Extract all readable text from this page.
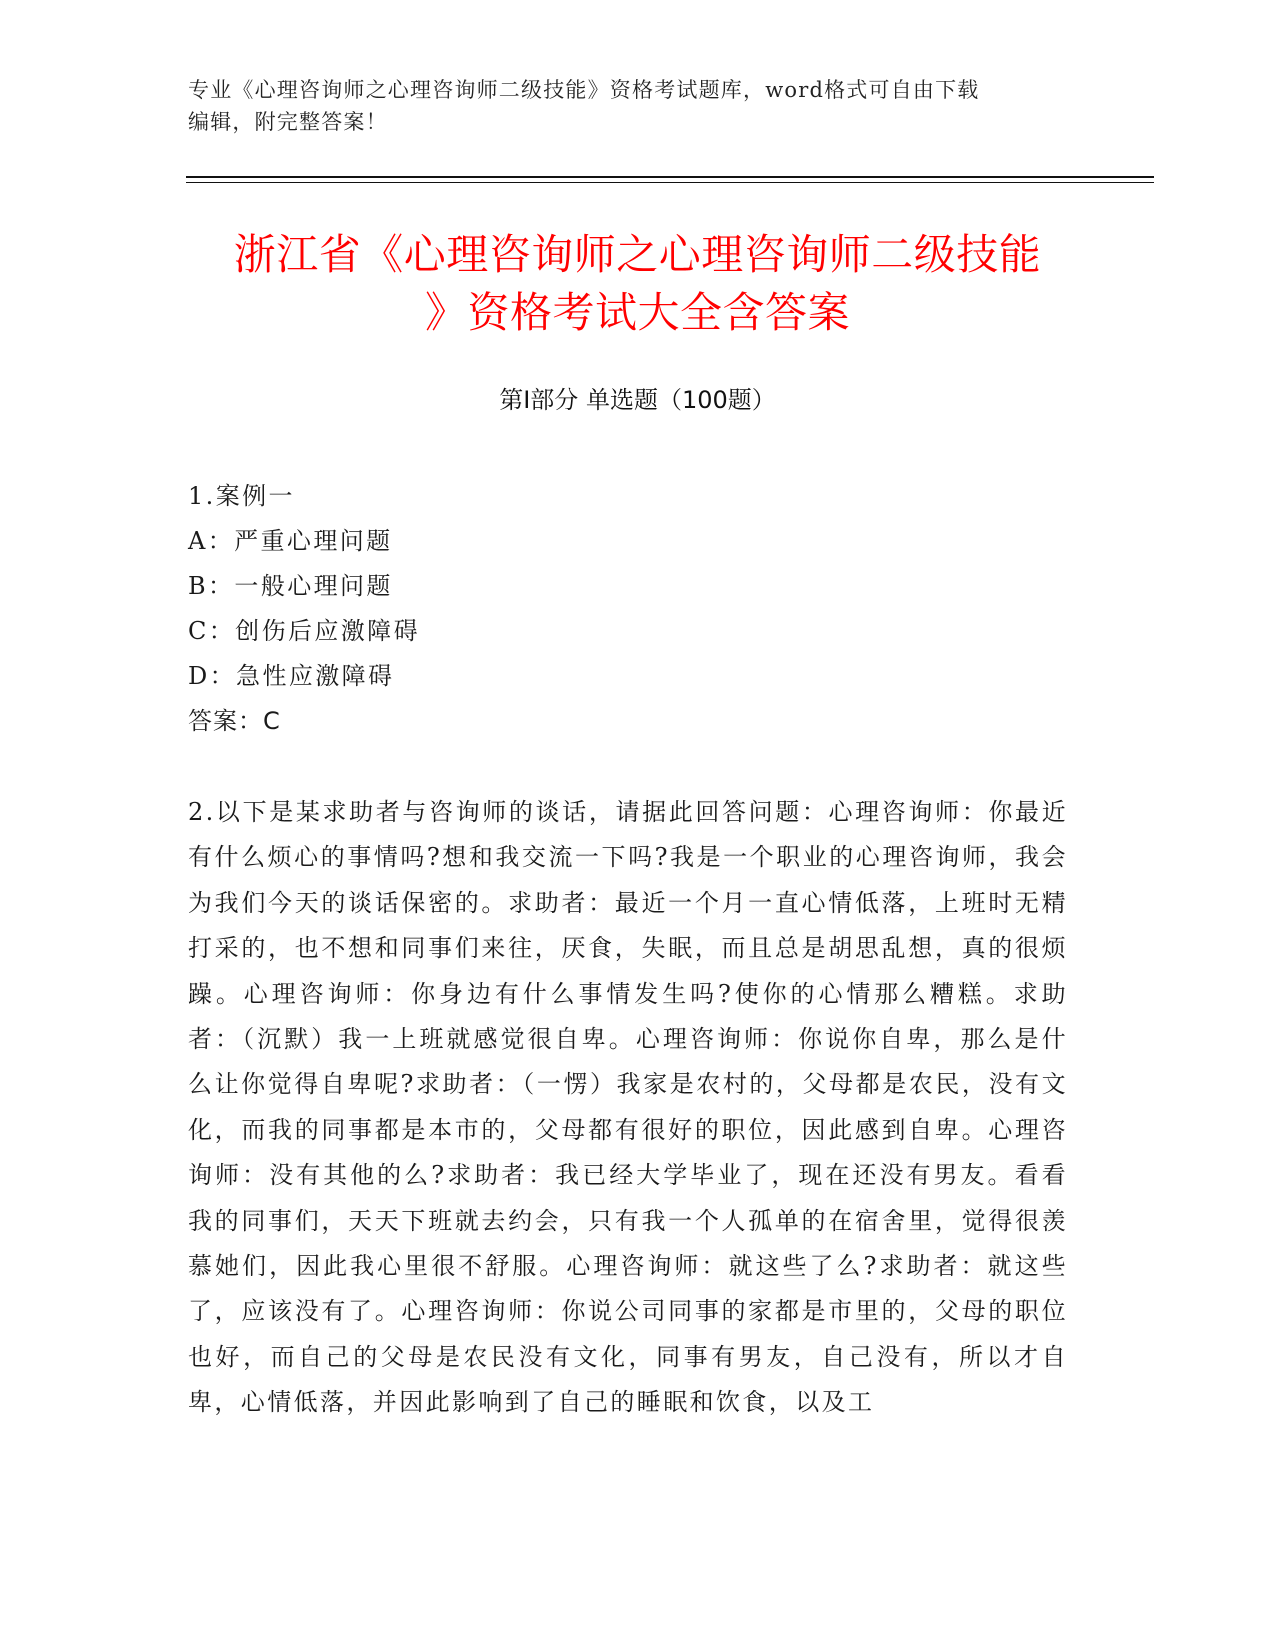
专业《心理咨询师之心理咨询师二级技能》资格考试题库，word格式可自由下载

编辑，附完整答案！

浙江省《心理咨询师之心理咨询师二级技能

》资格考试大全含答案

第Ⅰ部分 单选题（100题）
1.案例一
A：严重心理问题
B：一般心理问题
C：创伤后应激障碍
D：急性应激障碍
答案：C

2.以下是某求助者与咨询师的谈话，请据此回答问题：心理咨询师：你最近有什么烦心的事情吗?想和我交流一下吗?我是一个职业的心理咨询师，我会为我们今天的谈话保密的。求助者：最近一个月一直心情低落，上班时无精打采的，也不想和同事们来往，厌食，失眠，而且总是胡思乱想，真的很烦躁。心理咨询师：你身边有什么事情发生吗?使你的心情那么糟糕。求助者：（沉默）我一上班就感觉很自卑。心理咨询师：你说你自卑，那么是什么让你觉得自卑呢?求助者：（一愣）我家是农村的，父母都是农民，没有文化，而我的同事都是本市的，父母都有很好的职位，因此感到自卑。心理咨询师：没有其他的么?求助者：我已经大学毕业了，现在还没有男友。看看我的同事们，天天下班就去约会，只有我一个人孤单的在宿舍里，觉得很羡慕她们，因此我心里很不舒服。心理咨询师：就这些了么?求助者：就这些了，应该没有了。心理咨询师：你说公司同事的家都是市里的，父母的职位也好，而自己的父母是农民没有文化，同事有男友，自己没有，所以才自卑，心情低落，并因此影响到了自己的睡眠和饮食，以及工
